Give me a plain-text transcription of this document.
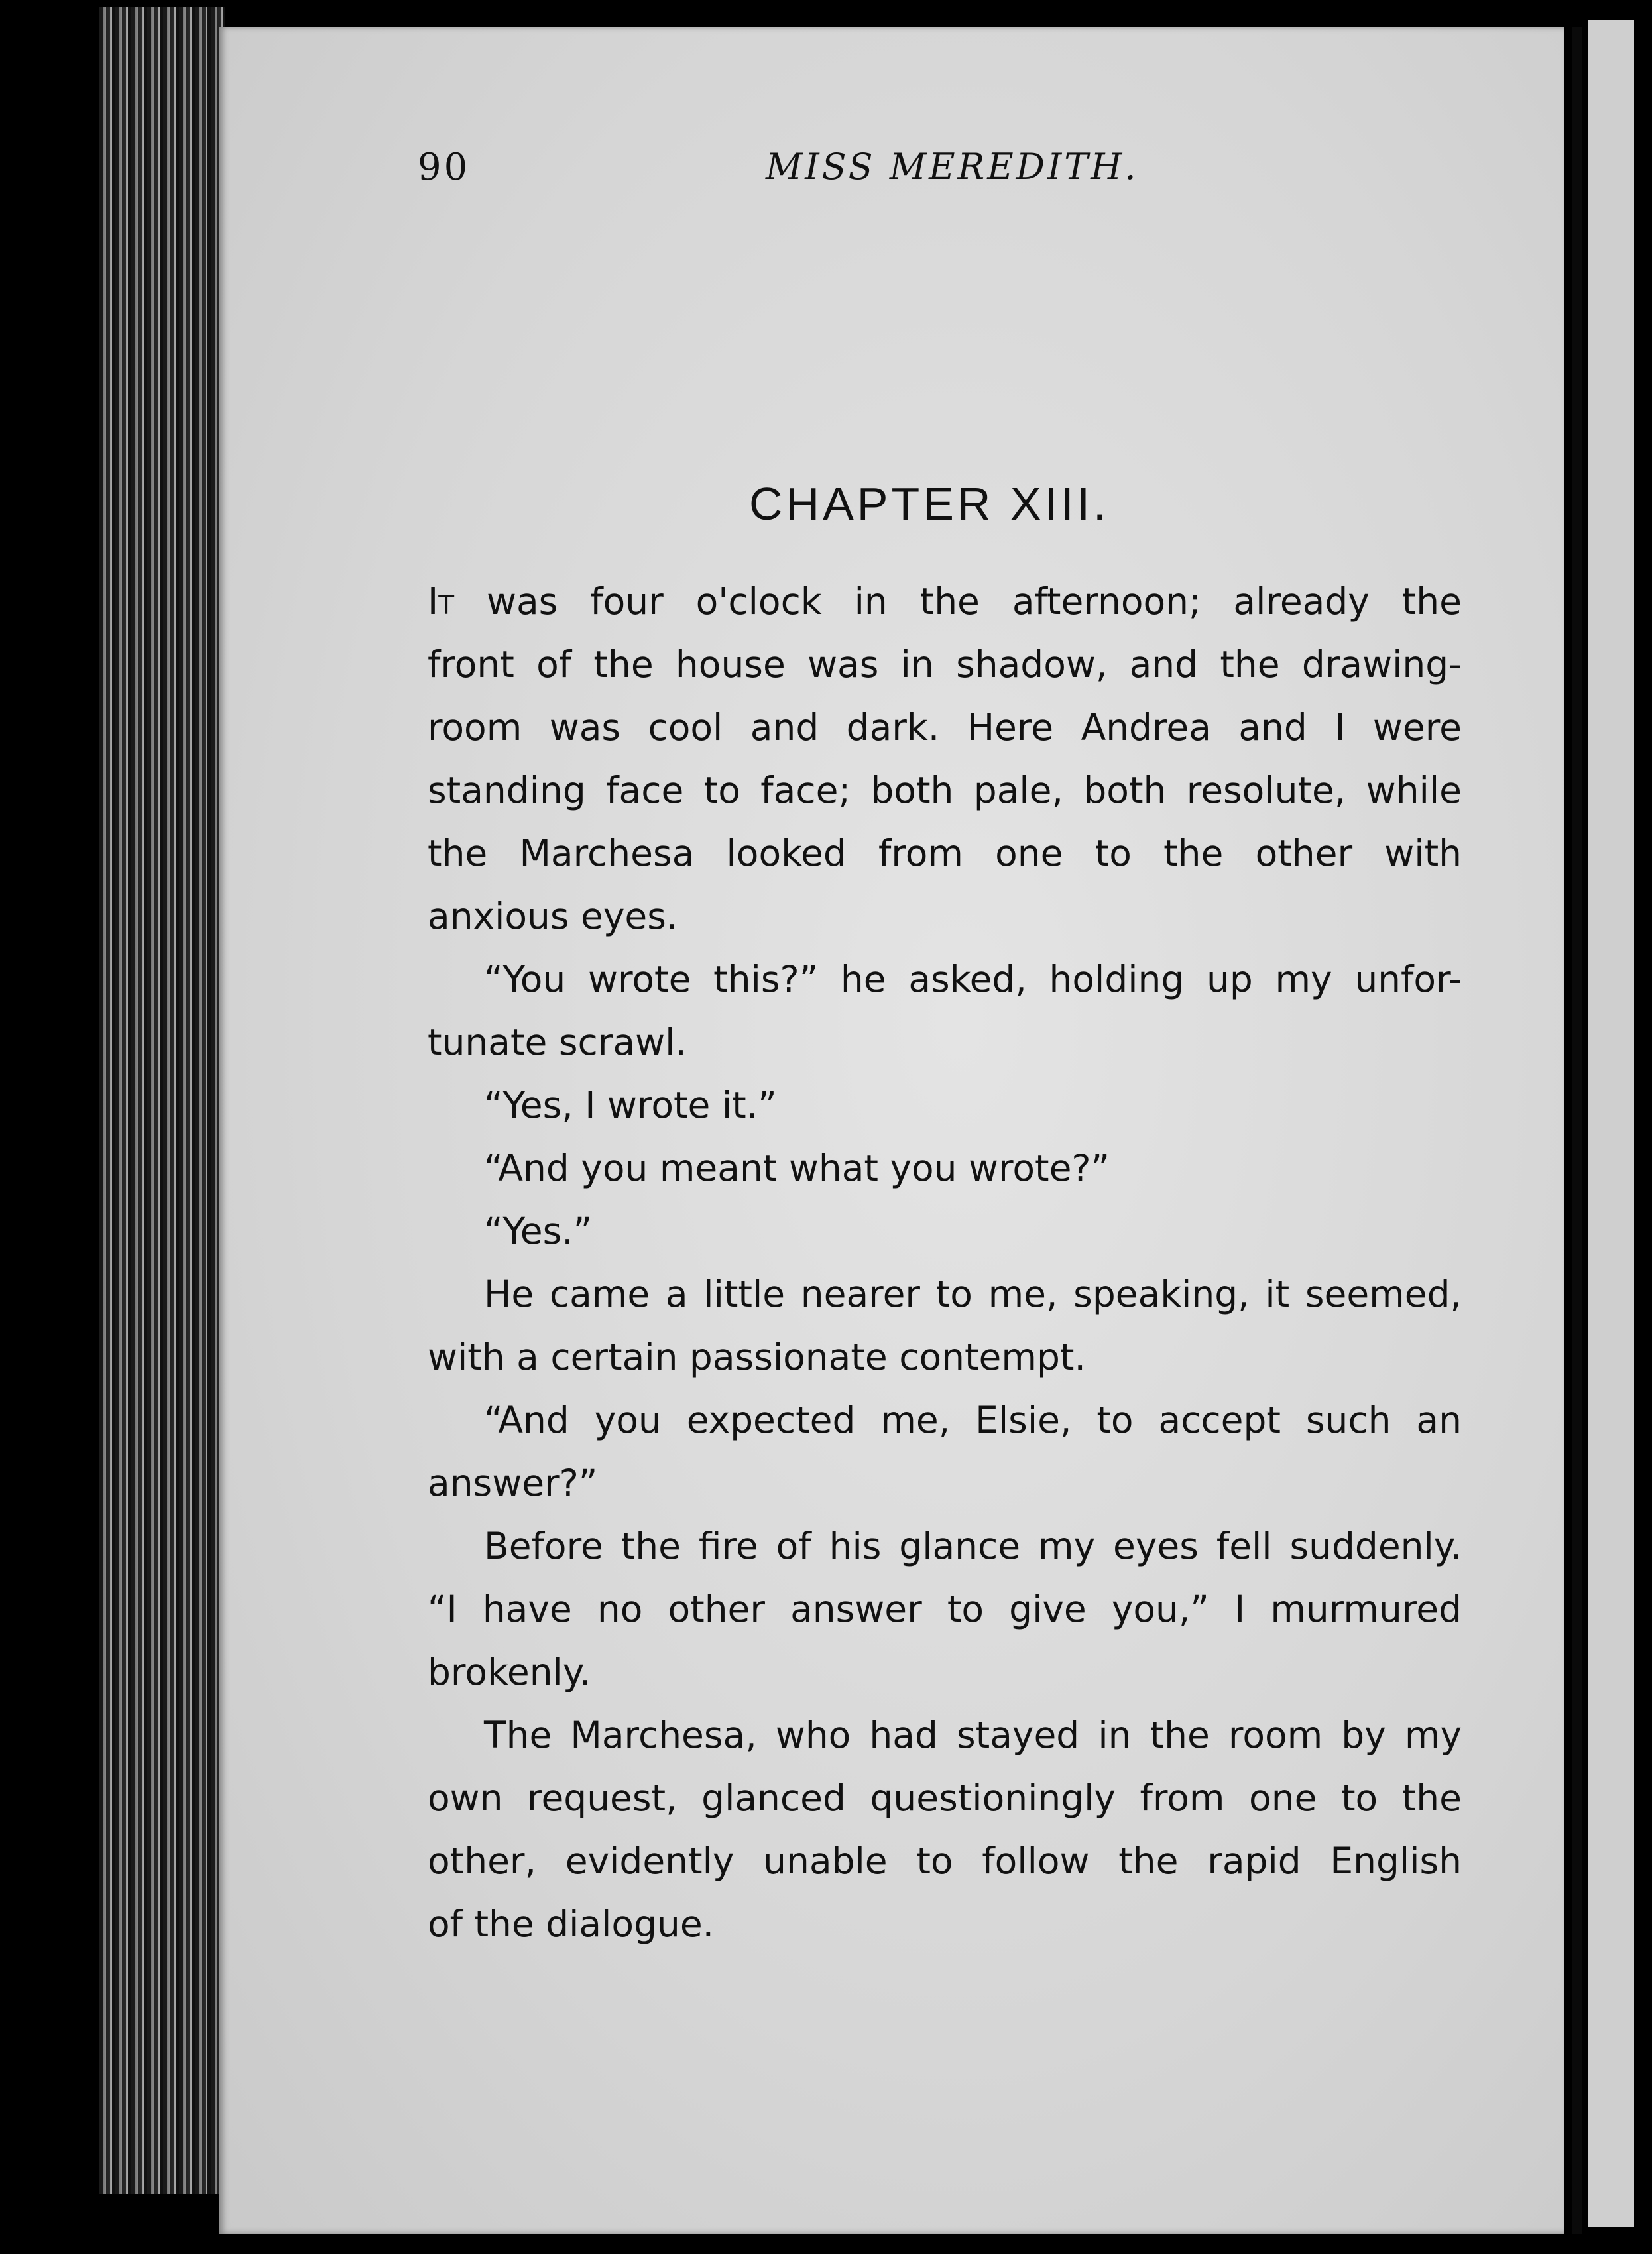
90	MISS MEREDITH.
CHAPTER XIII.
It was four o'clock in the afternoon; already the
front of the house was in shadow, and the drawing-
room was cool and dark. Here Andrea and I were
standing face to face; both pale, both resolute, while
the Marchesa looked from one to the other with
anxious eyes.
“You wrote this?” he asked, holding up my unfor-
tunate scrawl.
“Yes, I wrote it.”
“And you meant what you wrote?”
“Yes.”
He came a little nearer to me, speaking, it seemed,
with a certain passionate contempt.
“And you expected me, Elsie, to accept such an
answer?”
Before the fire of his glance my eyes fell suddenly.
“I have no other answer to give you,” I murmured
brokenly.
The Marchesa, who had stayed in the room by my
own request, glanced questioningly from one to the
other, evidently unable to follow the rapid English
of the dialogue.
